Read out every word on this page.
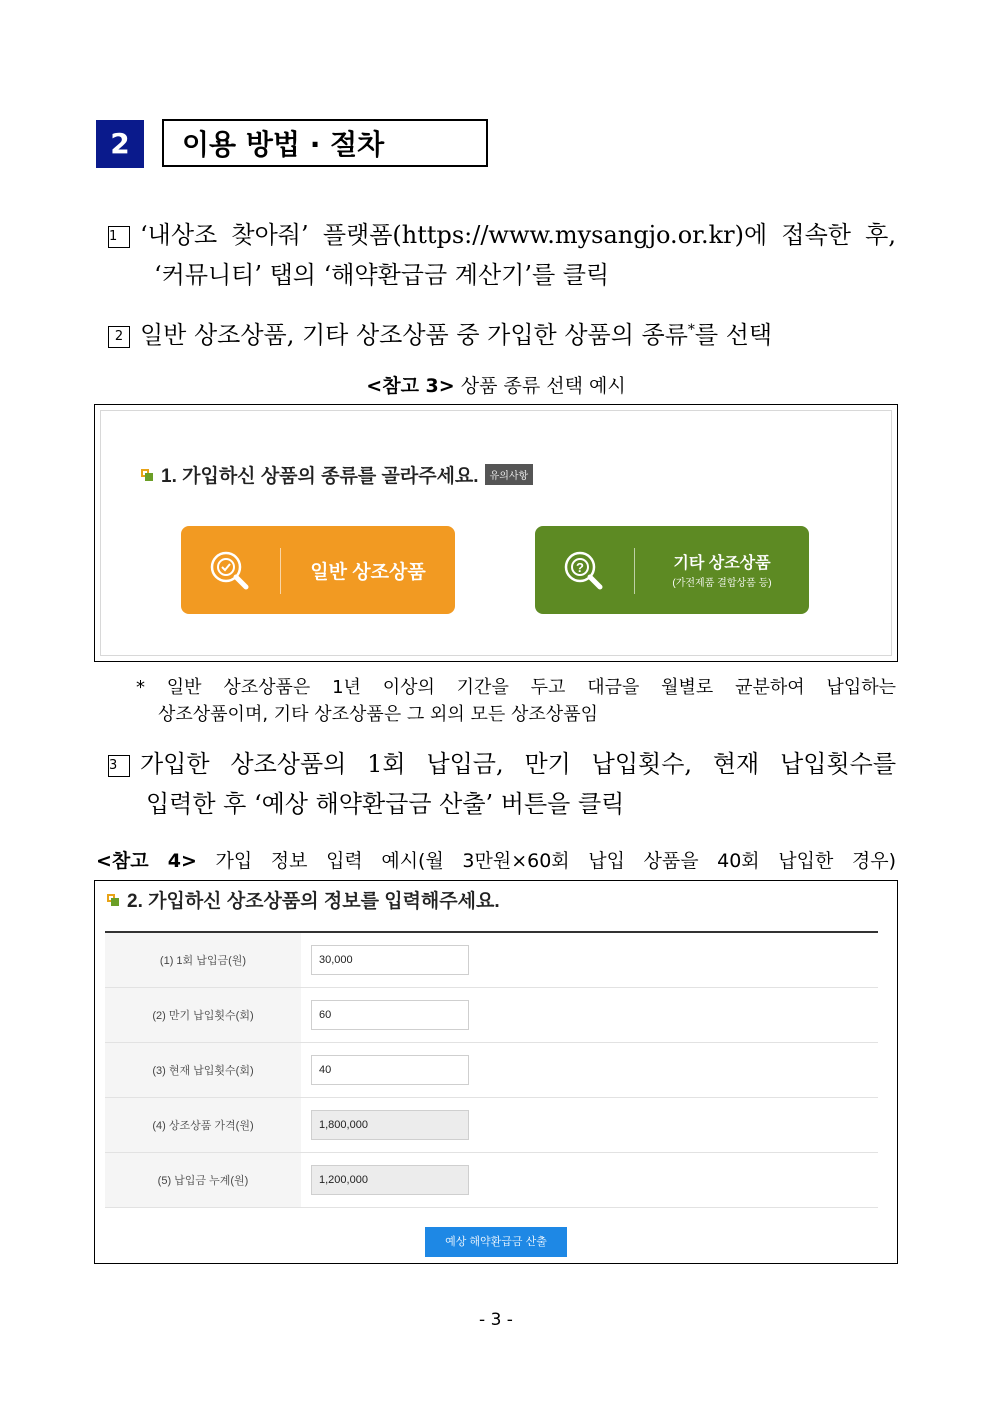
2	이용 방법 · 절차
1 ‘내상조 찾아줘’ 플랫폼(https://www.mysangjo.or.kr)에 접속한 후,
‘커뮤니티’ 탭의 ‘해약환급금 계산기’를 클릭
2 일반 상조상품, 기타 상조상품 중 가입한 상품의 종류*를 선택
<참고 3> 상품 종류 선택 예시
1. 가입하신 상품의 종류를 골라주세요. 유의사항
일반 상조상품	?	기타 상조상품
(가전제품 결합상품 등)
* 일반 상조상품은 1년 이상의 기간을 두고 대금을 월별로 균분하여 납입하는
상조상품이며, 기타 상조상품은 그 외의 모든 상조상품임
3 가입한 상조상품의 1회 납입금, 만기 납입횟수, 현재 납입횟수를
입력한 후 ‘예상 해약환급금 산출’ 버튼을 클릭
<참고 4> 가입 정보 입력 예시(월 3만원×60회 납입 상품을 40회 납입한 경우)
2. 가입하신 상조상품의 정보를 입력해주세요.
(1) 1회 납입금(원)	30,000
(2) 만기 납입횟수(회)	60
(3) 현재 납입횟수(회)	40
(4) 상조상품 가격(원)	1,800,000
(5) 납입금 누계(원)	1,200,000
예상 해약환급금 산출
- 3 -
